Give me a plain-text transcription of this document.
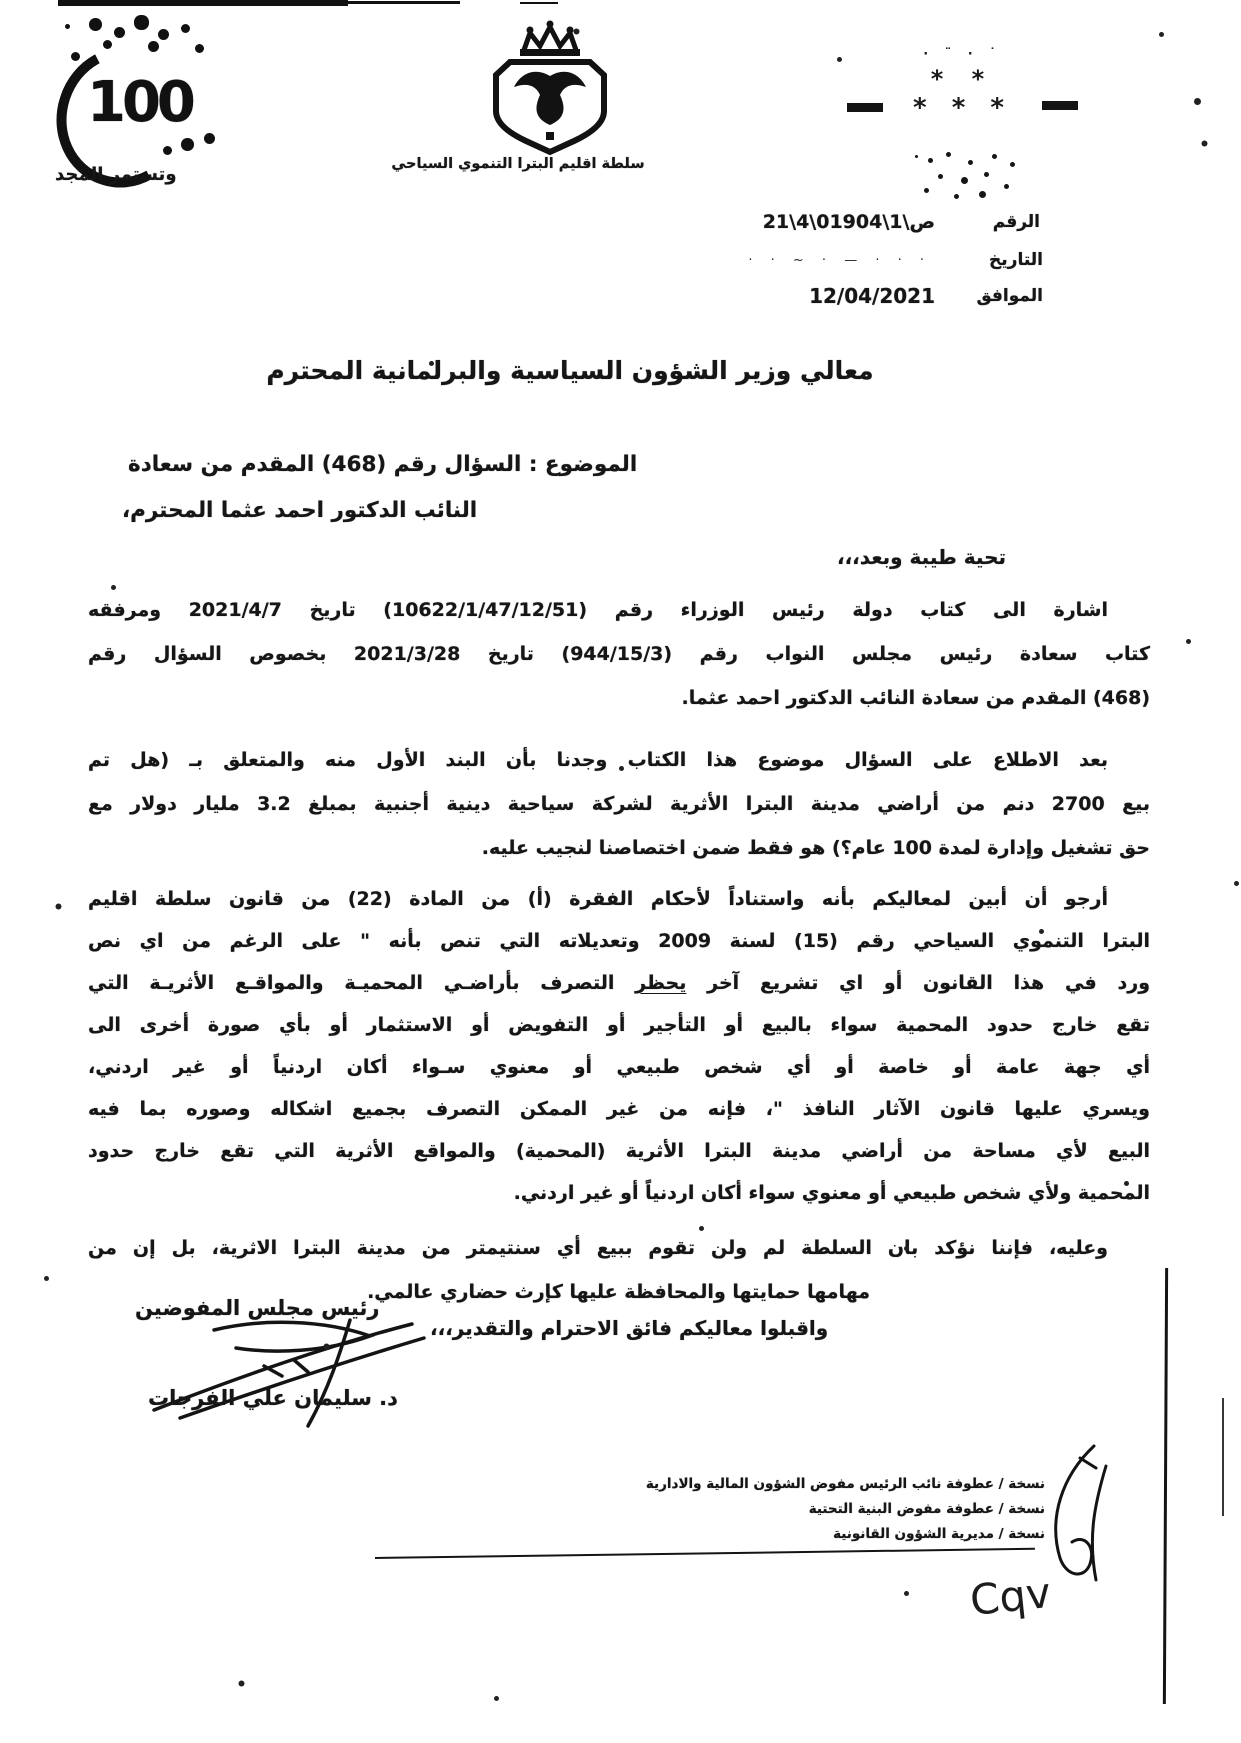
100
وتستمر المجد	سلطة اقليم البترا التنموي السياحي
· ¨ · ˙
* *
* * *
الرقم
21\4\01904\1\ص
التاريخ
· · ~ · — · · ·
الموافق
12/04/2021
معالي وزير الشؤون السياسية والبرلمانية المحترم
الموضوع : السؤال رقم (468) المقدم من سعادة
النائب الدكتور احمد عثما المحترم،
تحية طيبة وبعد،،،
اشارة الى كتاب دولة رئيس الوزراء رقم (10622/1/47/12/51) تاريخ 2021/4/7 ومرفقه
كتاب سعادة رئيس مجلس النواب رقم (944/15/3) تاريخ 2021/3/28 بخصوص السؤال رقم
(468) المقدم من سعادة النائب الدكتور احمد عثما.
بعد الاطلاع على السؤال موضوع هذا الكتاب وجدنا بأن البند الأول منه والمتعلق بـ (هل تم
بيع 2700 دنم من أراضي مدينة البترا الأثرية لشركة سياحية دينية أجنبية بمبلغ 3.2 مليار دولار مع
حق تشغيل وإدارة لمدة 100 عام؟) هو فقط ضمن اختصاصنا لنجيب عليه.
أرجو أن أبين لمعاليكم بأنه واستناداً لأحكام الفقرة (أ) من المادة (22) من قانون سلطة اقليم
البترا التنموي السياحي رقم (15) لسنة 2009 وتعديلاته التي تنص بأنه " على الرغم من اي نص
ورد في هذا القانون أو اي تشريع آخر يحظر التصرف بأراضـي المحميـة والمواقـع الأثريـة التي
تقع خارج حدود المحمية سواء بالبيع أو التأجير أو التفويض أو الاستثمار أو بأي صورة أخرى الى
أي جهة عامة أو خاصة أو أي شخص طبيعي أو معنوي سـواء أكان اردنياً أو غير اردني،
ويسري عليها قانون الآثار النافذ "، فإنه من غير الممكن التصرف بجميع اشكاله وصوره بما فيه
البيع لأي مساحة من أراضي مدينة البترا الأثرية (المحمية) والمواقع الأثرية التي تقع خارج حدود
المحمية ولأي شخص طبيعي أو معنوي سواء أكان اردنياً أو غير اردني.
وعليه، فإننا نؤكد بان السلطة لم ولن تقوم ببيع أي سنتيمتر من مدينة البترا الاثرية، بل إن من
مهامها حمايتها والمحافظة عليها كإرث حضاري عالمي.
واقبلوا معاليكم فائق الاحترام والتقدير،،،
رئيس مجلس المفوضين
د. سليمان علي الفرجات
نسخة / عطوفة نائب الرئيس مفوض الشؤون المالية والادارية
نسخة / عطوفة مفوض البنية التحتية
نسخة / مديرية الشؤون القانونية
Cqv
